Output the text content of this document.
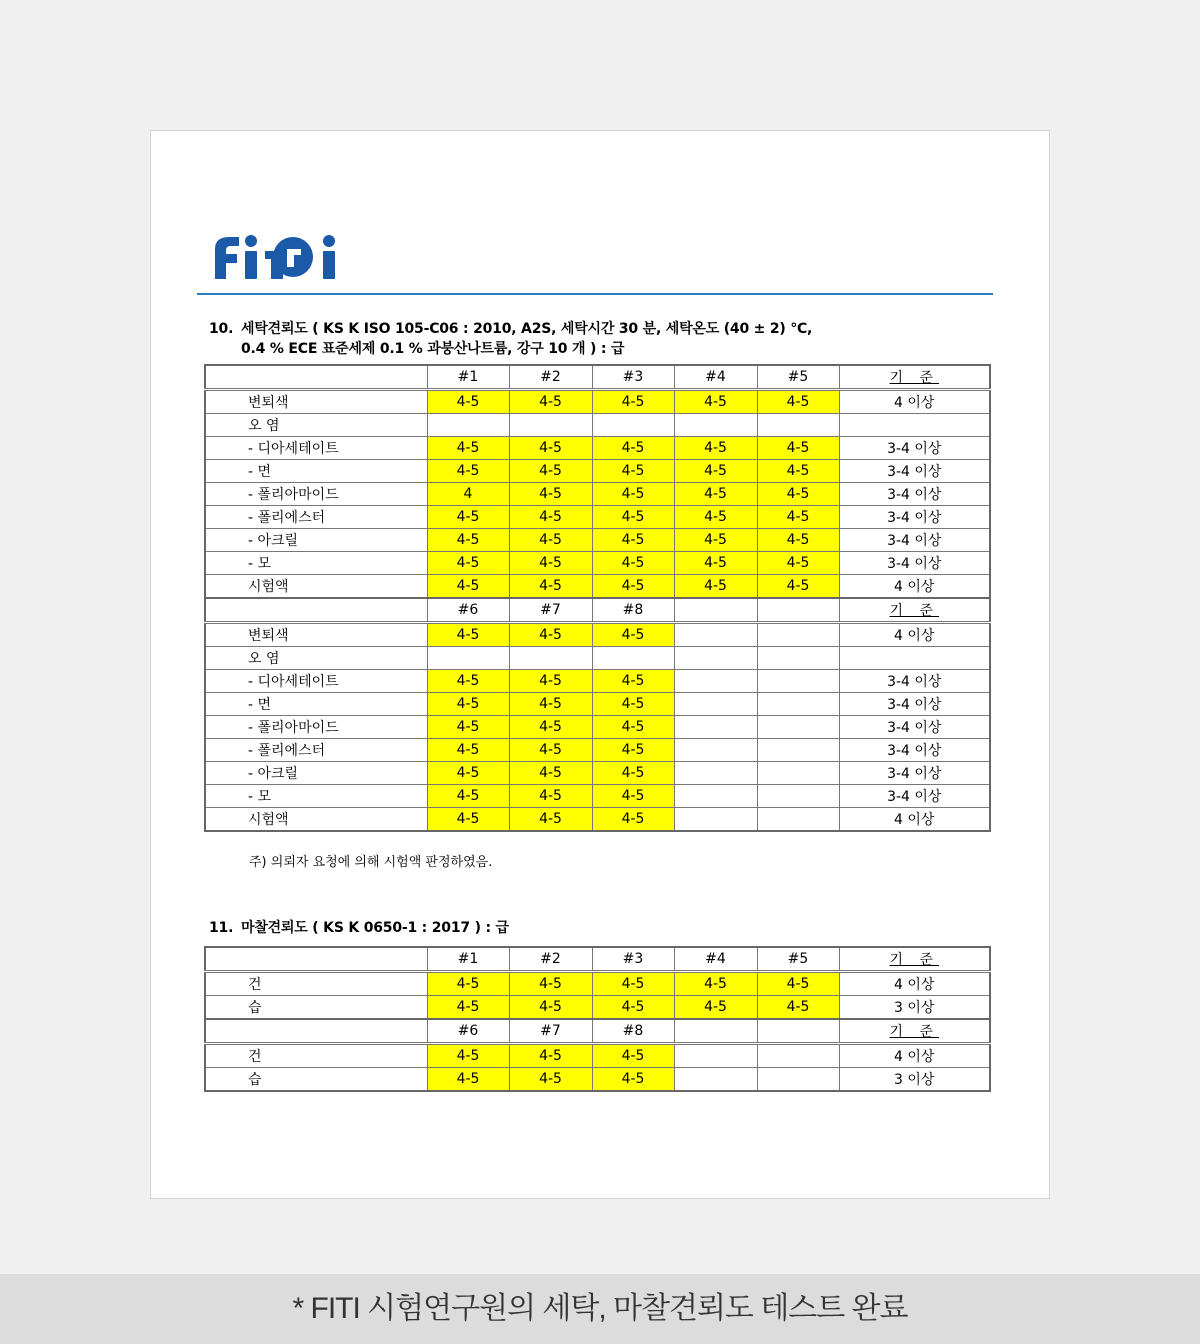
10. 세탁견뢰도 ( KS K ISO 105-C06 : 2010, A2S, 세탁시간 30 분, 세탁온도 (40 ± 2) ℃,
0.4 % ECE 표준세제 0.1 % 과붕산나트륨, 강구 10 개 ) : 급
	#1	#2	#3	#4	#5	기 준
변퇴색	4-5	4-5	4-5	4-5	4-5	4 이상
오 염						
- 디아세테이트	4-5	4-5	4-5	4-5	4-5	3-4 이상
- 면	4-5	4-5	4-5	4-5	4-5	3-4 이상
- 폴리아마이드	4	4-5	4-5	4-5	4-5	3-4 이상
- 폴리에스터	4-5	4-5	4-5	4-5	4-5	3-4 이상
- 아크릴	4-5	4-5	4-5	4-5	4-5	3-4 이상
- 모	4-5	4-5	4-5	4-5	4-5	3-4 이상
시험액	4-5	4-5	4-5	4-5	4-5	4 이상
	#6	#7	#8			기 준
변퇴색	4-5	4-5	4-5			4 이상
오 염						
- 디아세테이트	4-5	4-5	4-5			3-4 이상
- 면	4-5	4-5	4-5			3-4 이상
- 폴리아마이드	4-5	4-5	4-5			3-4 이상
- 폴리에스터	4-5	4-5	4-5			3-4 이상
- 아크릴	4-5	4-5	4-5			3-4 이상
- 모	4-5	4-5	4-5			3-4 이상
시험액	4-5	4-5	4-5			4 이상
주) 의뢰자 요청에 의해 시험액 판정하였음.
11. 마찰견뢰도 ( KS K 0650-1 : 2017 ) : 급
	#1	#2	#3	#4	#5	기 준
건	4-5	4-5	4-5	4-5	4-5	4 이상
습	4-5	4-5	4-5	4-5	4-5	3 이상
	#6	#7	#8			기 준
건	4-5	4-5	4-5			4 이상
습	4-5	4-5	4-5			3 이상
* FITI 시험연구원의 세탁, 마찰견뢰도 테스트 완료
